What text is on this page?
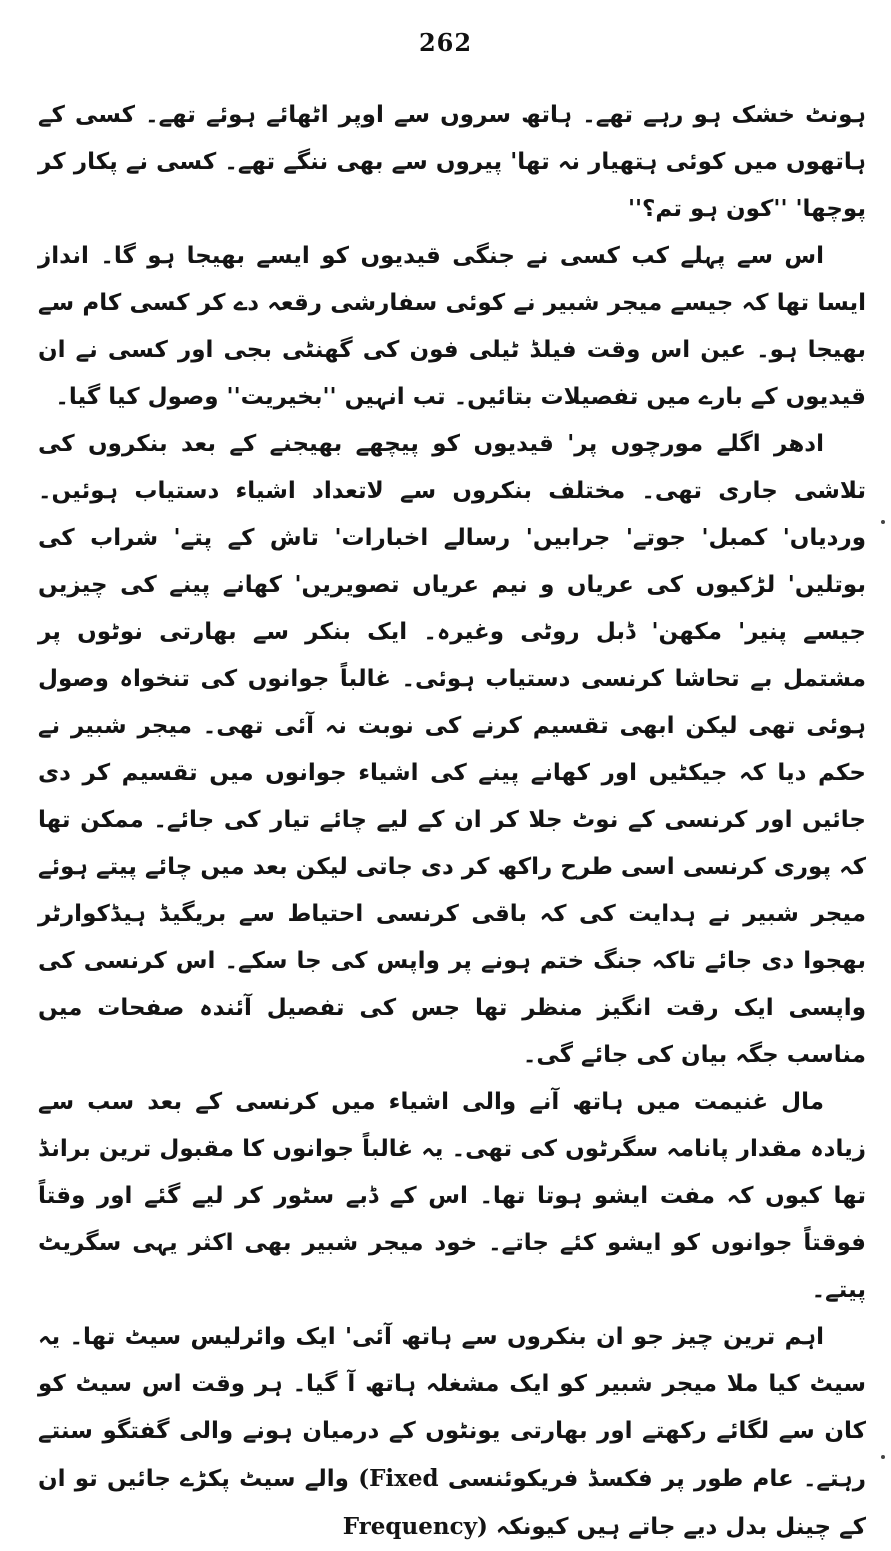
262

ہونٹ خشک ہو رہے تھے۔ ہاتھ سروں سے اوپر اٹھائے ہوئے تھے۔ کسی کے ہاتھوں میں کوئی ہتھیار نہ تھا' پیروں سے بھی ننگے تھے۔ کسی نے پکار کر پوچھا' ''کون ہو تم؟''

اس سے پہلے کب کسی نے جنگی قیدیوں کو ایسے بھیجا ہو گا۔ انداز ایسا تھا کہ جیسے میجر شبیر نے کوئی سفارشی رقعہ دے کر کسی کام سے بھیجا ہو۔ عین اس وقت فیلڈ ٹیلی فون کی گھنٹی بجی اور کسی نے ان قیدیوں کے بارے میں تفصیلات بتائیں۔ تب انہیں ''بخیریت'' وصول کیا گیا۔

ادھر اگلے مورچوں پر' قیدیوں کو پیچھے بھیجنے کے بعد بنکروں کی تلاشی جاری تھی۔ مختلف بنکروں سے لاتعداد اشیاء دستیاب ہوئیں۔ وردیاں' کمبل' جوتے' جرابیں' رسالے اخبارات' تاش کے پتے' شراب کی بوتلیں' لڑکیوں کی عریاں و نیم عریاں تصویریں' کھانے پینے کی چیزیں جیسے پنیر' مکھن' ڈبل روٹی وغیرہ۔ ایک بنکر سے بھارتی نوٹوں پر مشتمل بے تحاشا کرنسی دستیاب ہوئی۔ غالباً جوانوں کی تنخواہ وصول ہوئی تھی لیکن ابھی تقسیم کرنے کی نوبت نہ آئی تھی۔ میجر شبیر نے حکم دیا کہ جیکٹیں اور کھانے پینے کی اشیاء جوانوں میں تقسیم کر دی جائیں اور کرنسی کے نوٹ جلا کر ان کے لیے چائے تیار کی جائے۔ ممکن تھا کہ پوری کرنسی اسی طرح راکھ کر دی جاتی لیکن بعد میں چائے پیتے ہوئے میجر شبیر نے ہدایت کی کہ باقی کرنسی احتیاط سے بریگیڈ ہیڈکوارٹر بھجوا دی جائے تاکہ جنگ ختم ہونے پر واپس کی جا سکے۔ اس کرنسی کی واپسی ایک رقت انگیز منظر تھا جس کی تفصیل آئندہ صفحات میں مناسب جگہ بیان کی جائے گی۔

مال غنیمت میں ہاتھ آنے والی اشیاء میں کرنسی کے بعد سب سے زیادہ مقدار پانامہ سگرٹوں کی تھی۔ یہ غالباً جوانوں کا مقبول ترین برانڈ تھا کیوں کہ مفت ایشو ہوتا تھا۔ اس کے ڈبے سٹور کر لیے گئے اور وقتاً فوقتاً جوانوں کو ایشو کئے جاتے۔ خود میجر شبیر بھی اکثر یہی سگریٹ پیتے۔

اہم ترین چیز جو ان بنکروں سے ہاتھ آئی' ایک وائرلیس سیٹ تھا۔ یہ سیٹ کیا ملا میجر شبیر کو ایک مشغلہ ہاتھ آ گیا۔ ہر وقت اس سیٹ کو کان سے لگائے رکھتے اور بھارتی یونٹوں کے درمیان ہونے والی گفتگو سنتے رہتے۔ عام طور پر فکسڈ فریکوئنسی (Fixed والے سیٹ پکڑے جائیں تو ان کے چینل بدل دیے جاتے ہیں کیونکہ Frequency)
